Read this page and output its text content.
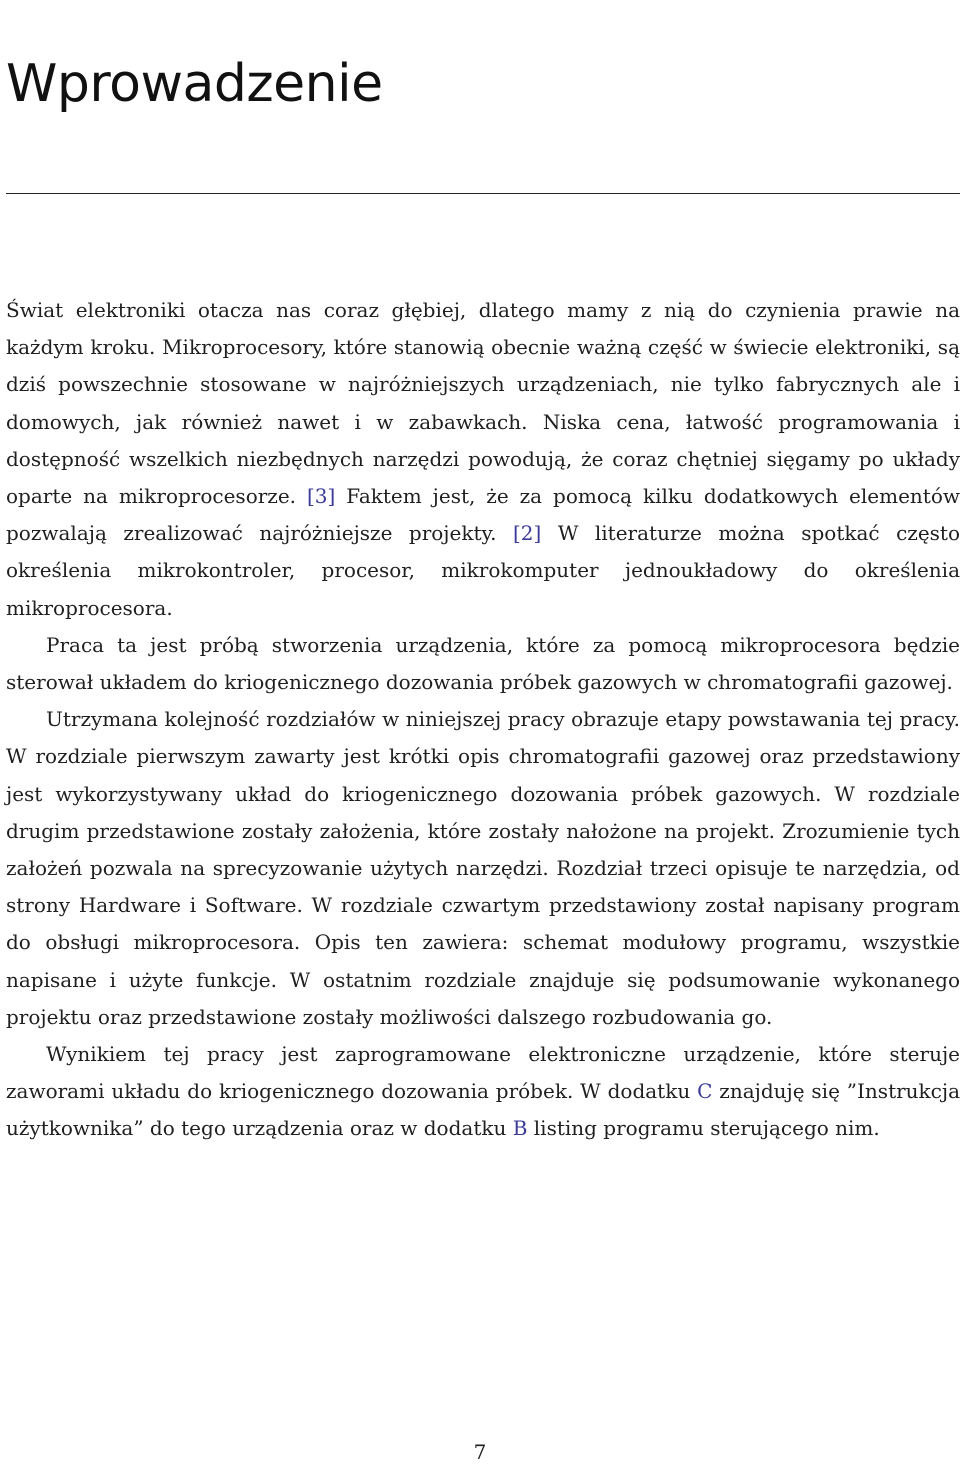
Wprowadzenie

Świat elektroniki otacza nas coraz głębiej, dlatego mamy z nią do czynienia prawie na każdym kroku. Mikroprocesory, które stanowią obecnie ważną część w świecie elektroniki, są dziś powszechnie stosowane w najróżniejszych urządzeniach, nie tylko fabrycznych ale i domowych, jak również nawet i w zabawkach. Niska cena, łatwość programowania i dostępność wszelkich niezbędnych narzędzi powodują, że coraz chętniej sięgamy po układy oparte na mikroprocesorze. [3] Faktem jest, że za pomocą kilku dodatkowych elementów pozwalają zrealizować najróżniejsze projekty. [2] W literaturze można spotkać często określenia mikrokontroler, procesor, mikrokomputer jednoukładowy do określenia mikroprocesora.

Praca ta jest próbą stworzenia urządzenia, które za pomocą mikroprocesora będzie sterował układem do kriogenicznego dozowania próbek gazowych w chromatografii gazowej.

Utrzymana kolejność rozdziałów w niniejszej pracy obrazuje etapy powstawania tej pracy. W rozdziale pierwszym zawarty jest krótki opis chromatografii gazowej oraz przedstawiony jest wykorzystywany układ do kriogenicznego dozowania próbek gazowych. W rozdziale drugim przedstawione zostały założenia, które zostały nałożone na projekt. Zrozumienie tych założeń pozwala na sprecyzowanie użytych narzędzi. Rozdział trzeci opisuje te narzędzia, od strony Hardware i Software. W rozdziale czwartym przedstawiony został napisany program do obsługi mikroprocesora. Opis ten zawiera: schemat modułowy programu, wszystkie napisane i użyte funkcje. W ostatnim rozdziale znajduje się podsumowanie wykonanego projektu oraz przedstawione zostały możliwości dalszego rozbudowania go.

Wynikiem tej pracy jest zaprogramowane elektroniczne urządzenie, które steruje zaworami układu do kriogenicznego dozowania próbek. W dodatku C znajduję się ”Instrukcja użytkownika” do tego urządzenia oraz w dodatku B listing programu sterującego nim.

7
